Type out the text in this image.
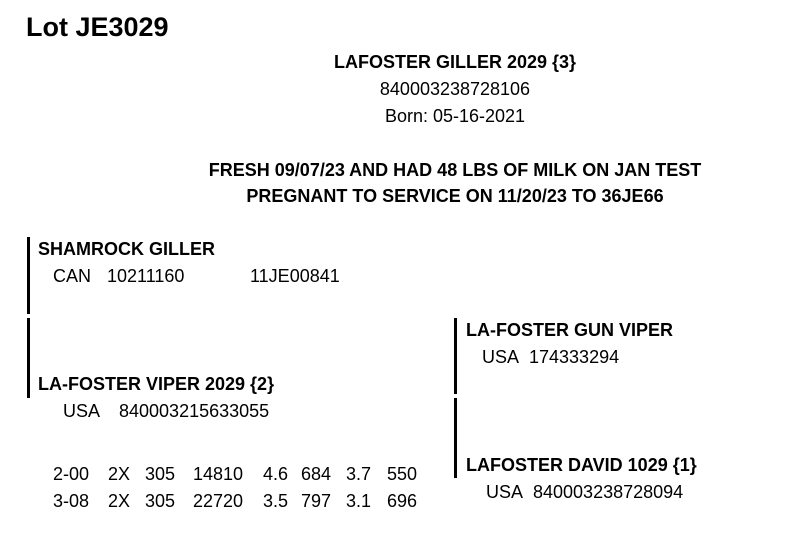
Lot JE3029
LAFOSTER GILLER 2029 {3}
840003238728106
Born: 05-16-2021
FRESH 09/07/23 AND HAD 48 LBS OF MILK ON JAN TEST
PREGNANT TO SERVICE ON 11/20/23 TO 36JE66
SHAMROCK GILLER
CAN 10211160	11JE00841
LA-FOSTER GUN VIPER
USA 174333294
LA-FOSTER VIPER 2029 {2}
USA 840003215633055

2-00	2X 305 14810	4.6 684 3.7 550

3-08	2X 305 22720	3.5 797 3.1 696

LAFOSTER DAVID 1029 {1}
USA 840003238728094
